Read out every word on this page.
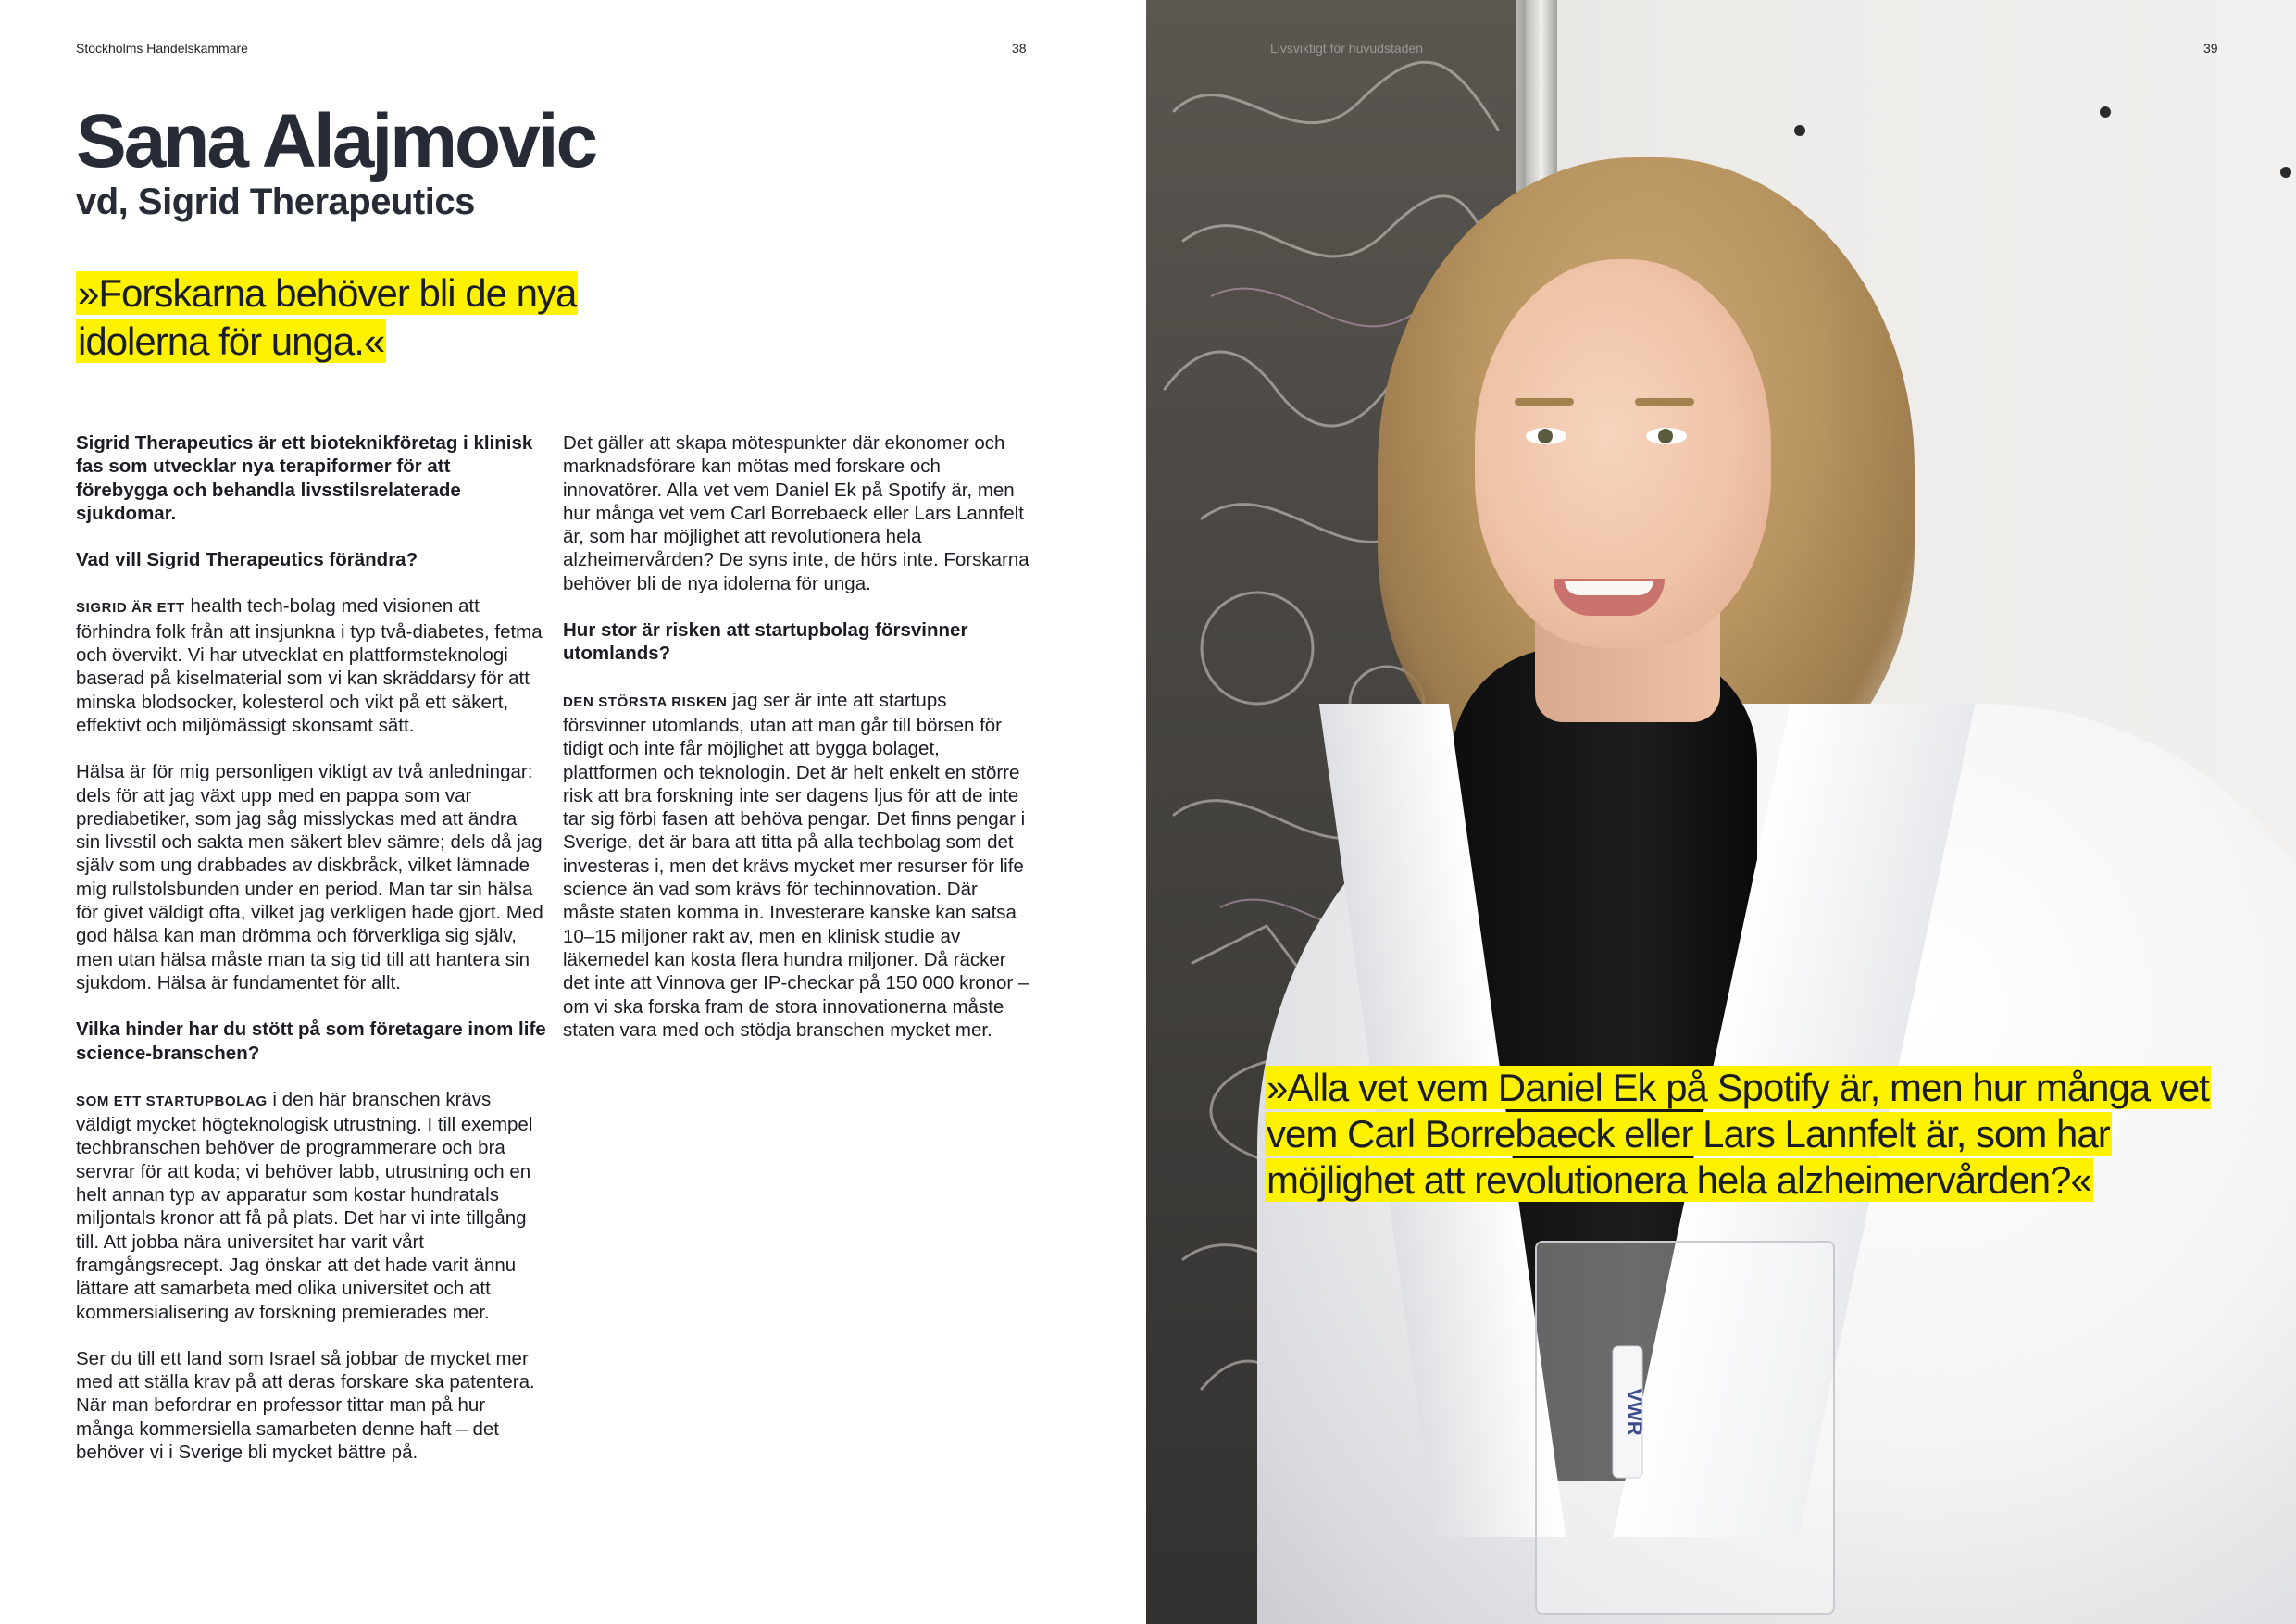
Stockholms Handelskammare	38
Sana Alajmovic
vd, Sigrid Therapeutics

»Forskarna behöver bli de nya idolerna för unga.«

Sigrid Therapeutics är ett bioteknikföretag i klinisk fas som utvecklar nya terapiformer för att förebygga och behandla livsstilsrelaterade sjukdomar.

Vad vill Sigrid Therapeutics förändra?

SIGRID ÄR ETT health tech-bolag med visionen att förhindra folk från att insjunkna i typ två-diabetes, fetma och övervikt. Vi har utvecklat en plattformsteknologi baserad på kiselmaterial som vi kan skräddarsy för att minska blodsocker, kolesterol och vikt på ett säkert, effektivt och miljömässigt skonsamt sätt.

Hälsa är för mig personligen viktigt av två anledningar: dels för att jag växt upp med en pappa som var prediabetiker, som jag såg misslyckas med att ändra sin livsstil och sakta men säkert blev sämre; dels då jag själv som ung drabbades av diskbråck, vilket lämnade mig rullstolsbunden under en period. Man tar sin hälsa för givet väldigt ofta, vilket jag verkligen hade gjort. Med god hälsa kan man drömma och förverkliga sig själv, men utan hälsa måste man ta sig tid till att hantera sin sjukdom. Hälsa är fundamentet för allt.

Vilka hinder har du stött på som företagare inom life science-branschen?

SOM ETT STARTUPBOLAG i den här branschen krävs väldigt mycket högteknologisk utrustning. I till exempel techbranschen behöver de programmerare och bra servrar för att koda; vi behöver labb, utrustning och en helt annan typ av apparatur som kostar hundratals miljontals kronor att få på plats. Det har vi inte tillgång till. Att jobba nära universitet har varit vårt framgångsrecept. Jag önskar att det hade varit ännu lättare att samarbeta med olika universitet och att kommersialisering av forskning premierades mer.

Ser du till ett land som Israel så jobbar de mycket mer med att ställa krav på att deras forskare ska patentera. När man befordrar en professor tittar man på hur många kommersiella samarbeten denne haft – det behöver vi i Sverige bli mycket bättre på.

Det gäller att skapa mötespunkter där ekonomer och marknadsförare kan mötas med forskare och innovatörer. Alla vet vem Daniel Ek på Spotify är, men hur många vet vem Carl Borrebaeck eller Lars Lannfelt är, som har möjlighet att revolutionera hela alzheimervården? De syns inte, de hörs inte. Forskarna behöver bli de nya idolerna för unga.

Hur stor är risken att startupbolag försvinner utomlands?

DEN STÖRSTA RISKEN jag ser är inte att startups försvinner utomlands, utan att man går till börsen för tidigt och inte får möjlighet att bygga bolaget, plattformen och teknologin. Det är helt enkelt en större risk att bra forskning inte ser dagens ljus för att de inte tar sig förbi fasen att behöva pengar. Det finns pengar i Sverige, det är bara att titta på alla techbolag som det investeras i, men det krävs mycket mer resurser för life science än vad som krävs för techinnovation. Där måste staten komma in. Investerare kanske kan satsa 10–15 miljoner rakt av, men en klinisk studie av läkemedel kan kosta flera hundra miljoner. Då räcker det inte att Vinnova ger IP-checkar på 150 000 kronor – om vi ska forska fram de stora innovationerna måste staten vara med och stödja branschen mycket mer.

VWR
Livsviktigt för huvudstaden	39

»Alla vet vem Daniel Ek på Spotify är, men hur många vet vem Carl Borrebaeck eller Lars Lannfelt är, som har möjlighet att revolutionera hela alzheimervården?«
